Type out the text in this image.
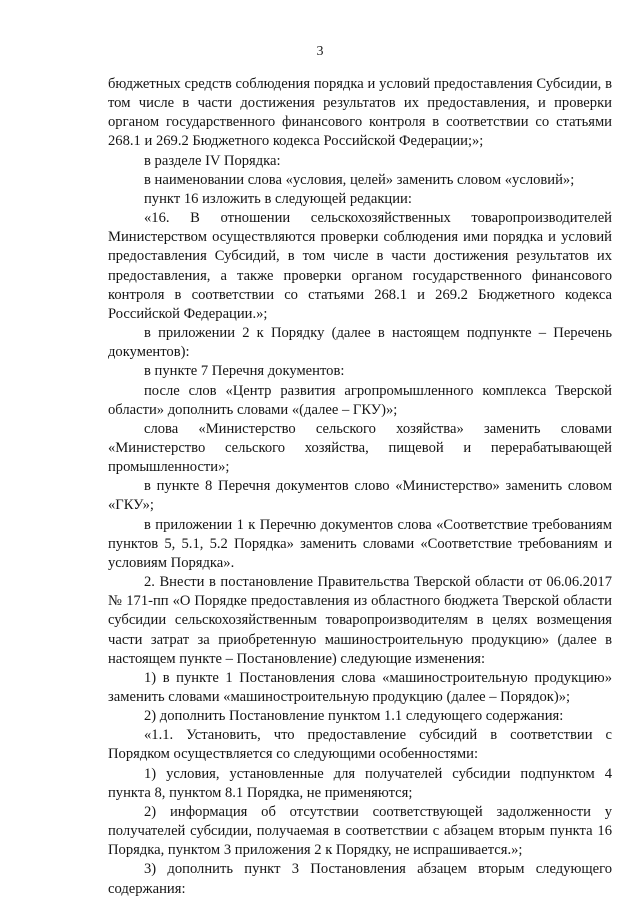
3

бюджетных средств соблюдения порядка и условий предоставления Субсидии, в том числе в части достижения результатов их предоставления, и проверки органом государственного финансового контроля в соответствии со статьями 268.1 и 269.2 Бюджетного кодекса Российской Федерации;»;

в разделе IV Порядка:

в наименовании слова «условия, целей» заменить словом «условий»;

пункт 16 изложить в следующей редакции:

«16. В отношении сельскохозяйственных товаропроизводителей Министерством осуществляются проверки соблюдения ими порядка и условий предоставления Субсидий, в том числе в части достижения результатов их предоставления, а также проверки органом государственного финансового контроля в соответствии со статьями 268.1 и 269.2 Бюджетного кодекса Российской Федерации.»;

в приложении 2 к Порядку (далее в настоящем подпункте – Перечень документов):

в пункте 7 Перечня документов:

после слов «Центр развития агропромышленного комплекса Тверской области» дополнить словами «(далее – ГКУ)»;

слова «Министерство сельского хозяйства» заменить словами «Министерство сельского хозяйства, пищевой и перерабатывающей промышленности»;

в пункте 8 Перечня документов слово «Министерство» заменить словом «ГКУ»;

в приложении 1 к Перечню документов слова «Соответствие требованиям пунктов 5, 5.1, 5.2 Порядка» заменить словами «Соответствие требованиям и условиям Порядка».

2. Внести в постановление Правительства Тверской области от 06.06.2017 № 171-пп «О Порядке предоставления из областного бюджета Тверской области субсидии сельскохозяйственным товаропроизводителям в целях возмещения части затрат за приобретенную машиностроительную продукцию» (далее в настоящем пункте – Постановление) следующие изменения:

1) в пункте 1 Постановления слова «машиностроительную продукцию» заменить словами «машиностроительную продукцию (далее – Порядок)»;

2) дополнить Постановление пунктом 1.1 следующего содержания:

«1.1. Установить, что предоставление субсидий в соответствии с Порядком осуществляется со следующими особенностями:

1) условия, установленные для получателей субсидии подпунктом 4 пункта 8, пунктом 8.1 Порядка, не применяются;

2) информация об отсутствии соответствующей задолженности у получателей субсидии, получаемая в соответствии с абзацем вторым пункта 16 Порядка, пунктом 3 приложения 2 к Порядку, не испрашивается.»;

3) дополнить пункт 3 Постановления абзацем вторым следующего содержания:
